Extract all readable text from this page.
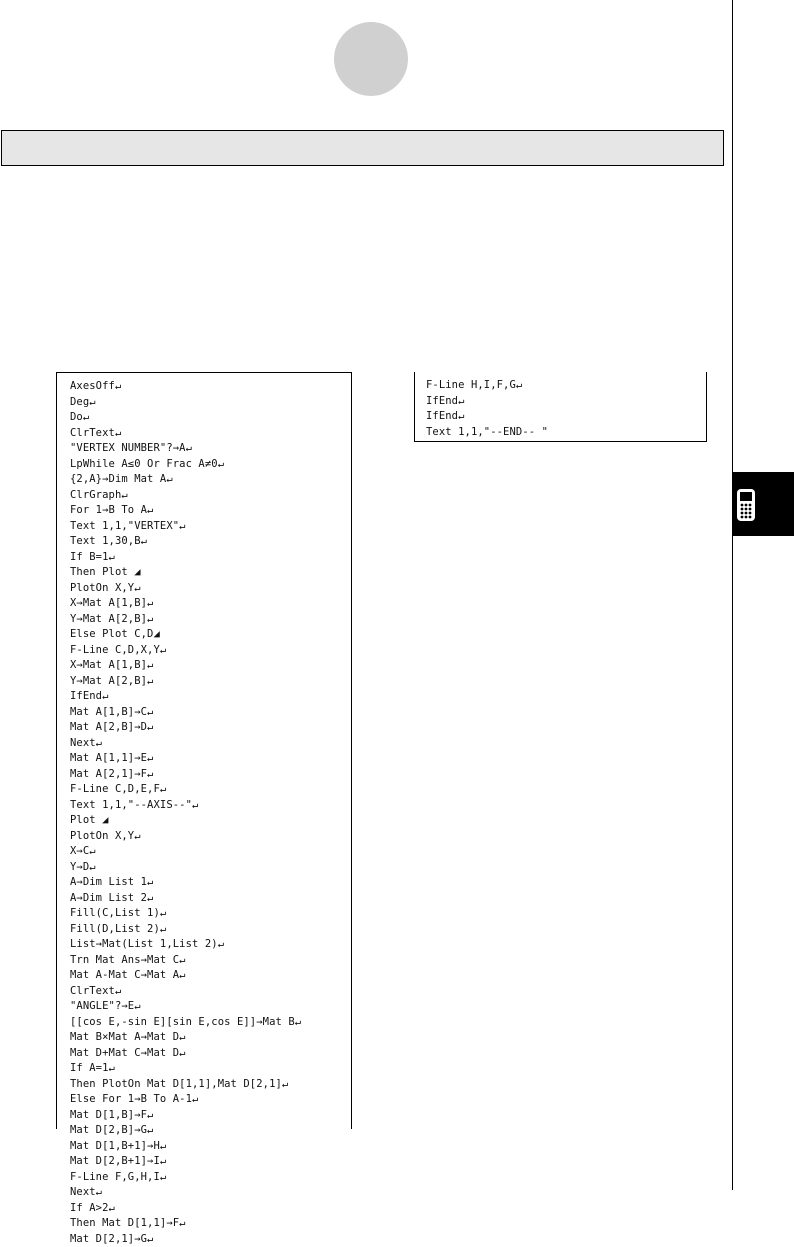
AxesOff↵
Deg↵
Do↵
ClrText↵
"VERTEX NUMBER"?→A↵
LpWhile A≤0 Or Frac A≠0↵
{2,A}→Dim Mat A↵
ClrGraph↵
For 1→B To A↵
Text 1,1,"VERTEX"↵
Text 1,30,B↵
If B=1↵
Then Plot ◢
PlotOn X,Y↵
X→Mat A[1,B]↵
Y→Mat A[2,B]↵
Else Plot C,D◢
F-Line C,D,X,Y↵
X→Mat A[1,B]↵
Y→Mat A[2,B]↵
IfEnd↵
Mat A[1,B]→C↵
Mat A[2,B]→D↵
Next↵
Mat A[1,1]→E↵
Mat A[2,1]→F↵
F-Line C,D,E,F↵
Text 1,1,"--AXIS--"↵
Plot ◢
PlotOn X,Y↵
X→C↵
Y→D↵
A→Dim List 1↵
A→Dim List 2↵
Fill(C,List 1)↵
Fill(D,List 2)↵
List→Mat(List 1,List 2)↵
Trn Mat Ans→Mat C↵
Mat A-Mat C→Mat A↵
ClrText↵
"ANGLE"?→E↵
[[cos E,-sin E][sin E,cos E]]→Mat B↵
Mat B×Mat A→Mat D↵
Mat D+Mat C→Mat D↵
If A=1↵
Then PlotOn Mat D[1,1],Mat D[2,1]↵
Else For 1→B To A-1↵
Mat D[1,B]→F↵
Mat D[2,B]→G↵
Mat D[1,B+1]→H↵
Mat D[2,B+1]→I↵
F-Line F,G,H,I↵
Next↵
If A>2↵
Then Mat D[1,1]→F↵
Mat D[2,1]→G↵
F-Line H,I,F,G↵
IfEnd↵
IfEnd↵
Text 1,1,"--END-- "
